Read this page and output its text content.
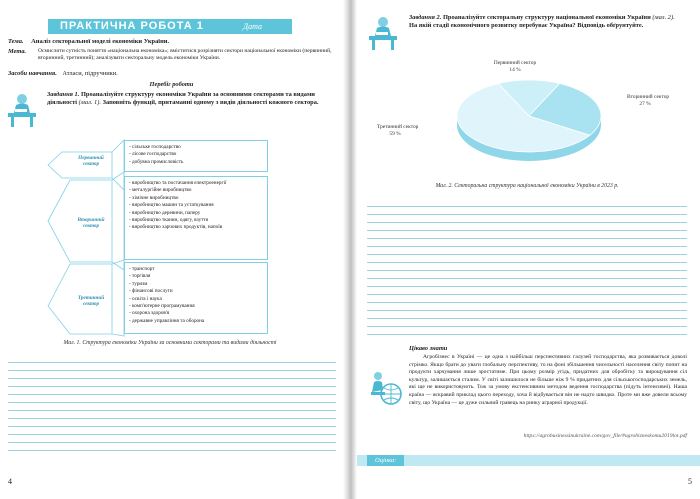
ПРАКТИЧНА РОБОТА 1	Дата
Тема. Аналіз секторальної моделі економіки України.
Мета.	Осмислити сутність поняття «національна економіка»; вміститися розрізняти сектори національної економіки (первинний, вторинний, третинний); аналізувати секторальну модель економіки України.
Засоби навчання. Атласи, підручники.
Перебіг роботи
Завдання 1. Проаналізуйте структуру економіки України за основними секторами та видами діяльності (мал. 1). Заповніть функції, притаманні одному з видів діяльності кожного сектора.
Первинний сектор
- сільське господарство
- лісове господарство
- добувна промисловість
Вторинний сектор
- виробництво та постачання електроенергії
- металургійне виробництво
- хімічне виробництво
- виробництво машин та устаткування
- виробництво деревини, паперу
- виробництво тканин, одягу, взуття
- виробництво харчових продуктів, напоїв
Третинний сектор
- транспорт
- торгівля
- туризм
- фінансові послуги
- освіта і наука
- комп'ютерне програмування
- охорона здоров'я
- державне управління та оборона
Мал. 1. Структура економіки України за основними секторами та видами діяльності
4
Завдання 2. Проаналізуйте секторальну структуру національної економіки України (мал. 2). На якій стадії економічного розвитку перебуває Україна? Відповідь обґрунтуйте.
Первинний сектор
14 %
Вторинний сектор
27 %
Третинний сектор
59 %
Мал. 2. Секторальна структура національної економіки України в 2023 р.
Цікаво знати
Агробізнес в Україні — це одна з найбільш перспективних галузей господарства, яка розвивається доволі стрімко. Якщо брати до уваги глобальну перспективу, то на фоні збільшення чисельності населення світу попит на продукти харчування лише зростатиме. При цьому розмір угідь, придатних для обробітку та вирощування сіл культур, залишається сталим. У світі залишилося не більше ніж 9 % придатних для сільськогосподарських земель, які ще не використовують. Тож за умову екстенсивним методом ведення господарства (підуть інтенсивні). Наша країна — яскравий приклад цього переходу, хоча й відбувається він не надто швидко. Проте ми вже довели всьому світу, що Україна — це дуже сильний гравець на ринку аграрної продукції.
https://agrobusinessinukraine.com/gov_file/#agrobizneskomu2019lot.pdf
Оцінка:
5
